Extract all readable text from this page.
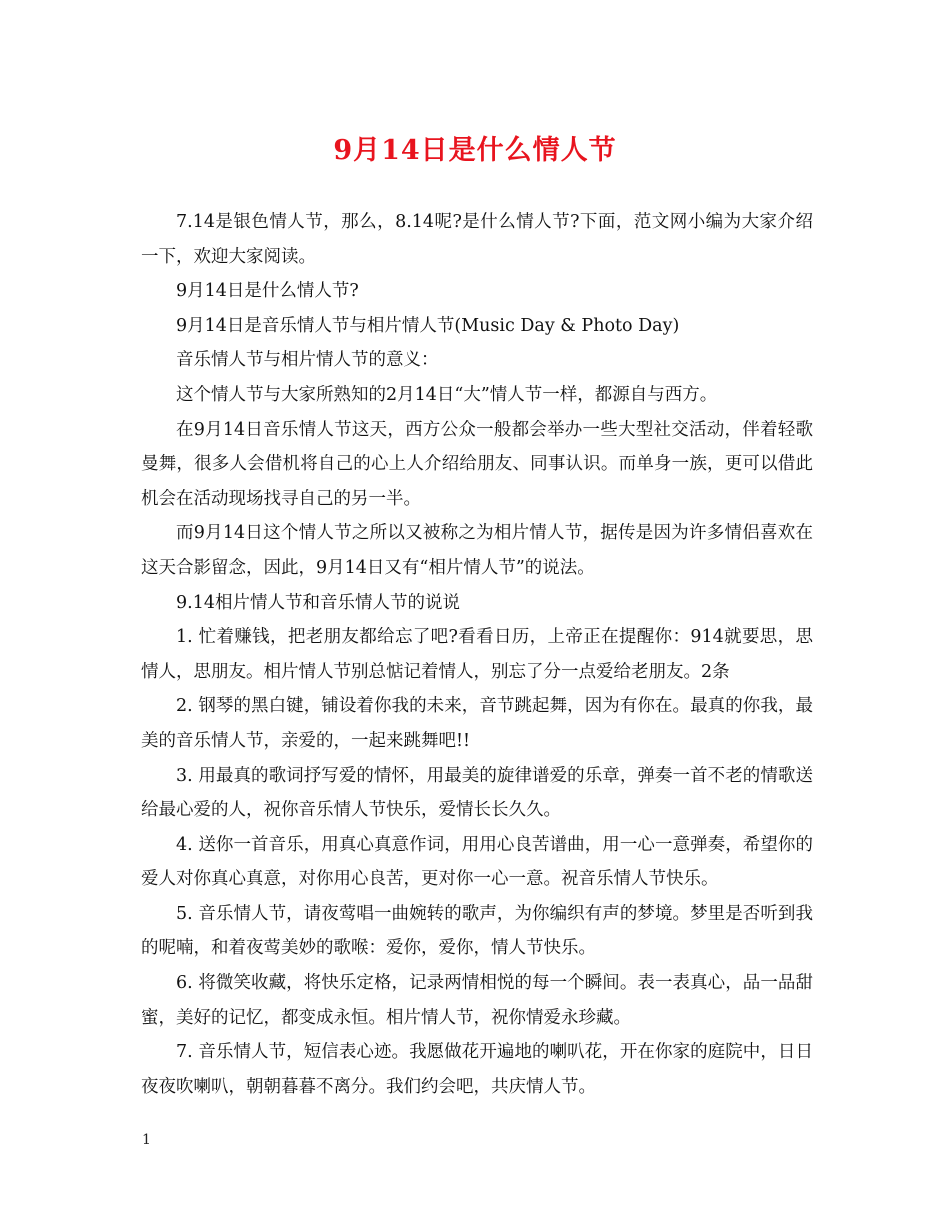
9月14日是什么情人节

7.14是银色情人节，那么，8.14呢?是什么情人节?下面，范文网小编为大家介绍一下，欢迎大家阅读。

9月14日是什么情人节?

9月14日是音乐情人节与相片情人节(Music Day & Photo Day)

音乐情人节与相片情人节的意义：

这个情人节与大家所熟知的2月14日“大”情人节一样，都源自与西方。

在9月14日音乐情人节这天，西方公众一般都会举办一些大型社交活动，伴着轻歌曼舞，很多人会借机将自己的心上人介绍给朋友、同事认识。而单身一族，更可以借此机会在活动现场找寻自己的另一半。

而9月14日这个情人节之所以又被称之为相片情人节，据传是因为许多情侣喜欢在这天合影留念，因此，9月14日又有“相片情人节”的说法。

9.14相片情人节和音乐情人节的说说

1. 忙着赚钱，把老朋友都给忘了吧?看看日历，上帝正在提醒你：914就要思，思情人，思朋友。相片情人节别总惦记着情人，别忘了分一点爱给老朋友。2条

2. 钢琴的黑白键，铺设着你我的未来，音节跳起舞，因为有你在。最真的你我，最美的音乐情人节，亲爱的，一起来跳舞吧!!

3. 用最真的歌词抒写爱的情怀，用最美的旋律谱爱的乐章，弹奏一首不老的情歌送给最心爱的人，祝你音乐情人节快乐，爱情长长久久。

4. 送你一首音乐，用真心真意作词，用用心良苦谱曲，用一心一意弹奏，希望你的爱人对你真心真意，对你用心良苦，更对你一心一意。祝音乐情人节快乐。

5. 音乐情人节，请夜莺唱一曲婉转的歌声，为你编织有声的梦境。梦里是否听到我的呢喃，和着夜莺美妙的歌喉：爱你，爱你，情人节快乐。

6. 将微笑收藏，将快乐定格，记录两情相悦的每一个瞬间。表一表真心，品一品甜蜜，美好的记忆，都变成永恒。相片情人节，祝你情爱永珍藏。

7. 音乐情人节，短信表心迹。我愿做花开遍地的喇叭花，开在你家的庭院中，日日夜夜吹喇叭，朝朝暮暮不离分。我们约会吧，共庆情人节。

1
